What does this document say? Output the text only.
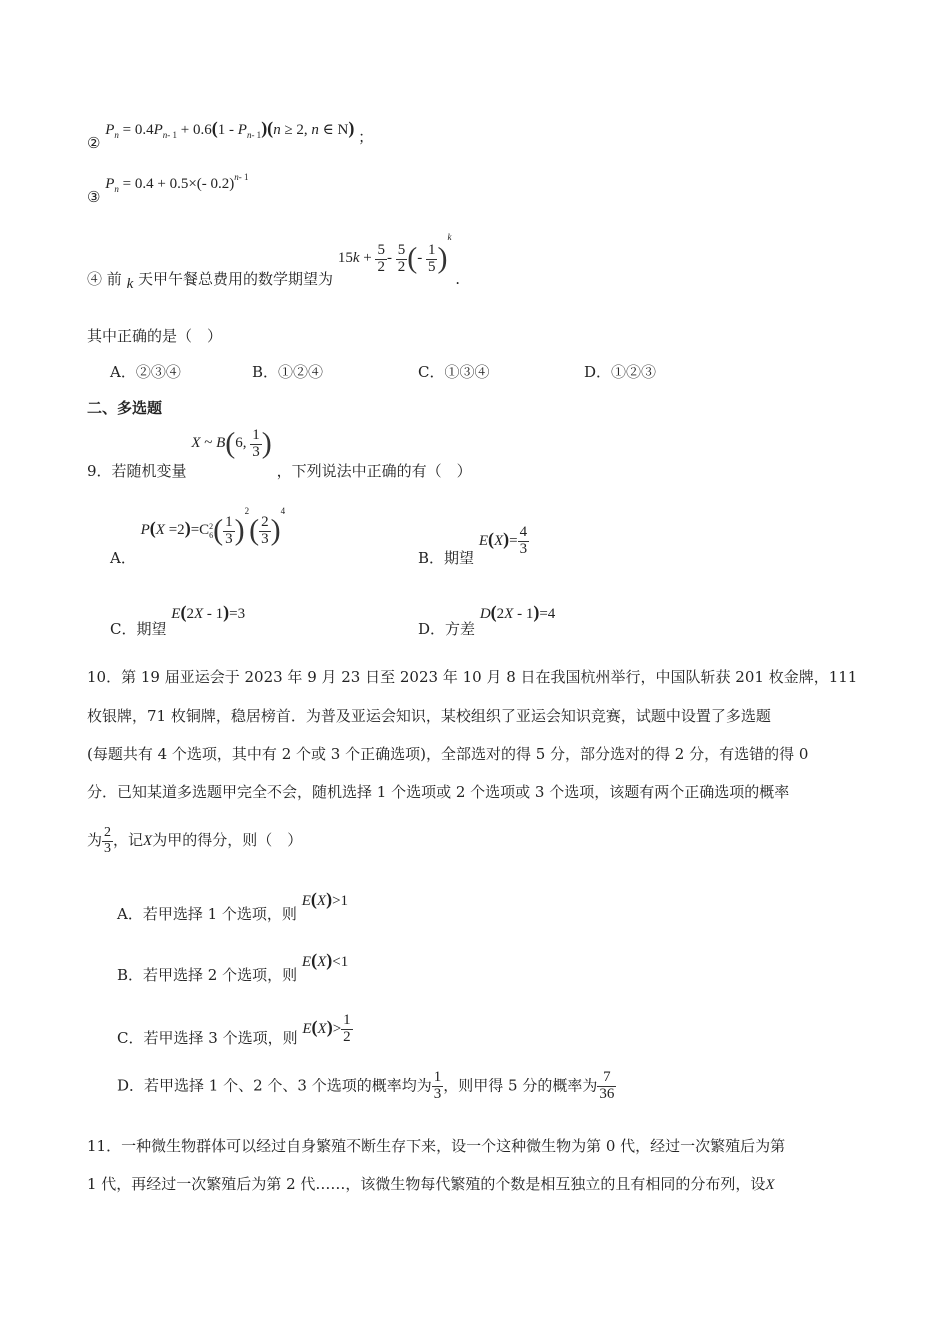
② $P_n = 0.4P_{n- 1} + 0.6(1 - P_{n- 1})(n \ge 2$, n ∈ N) ；
③ $P_n = 0.4 + 0.5\times(-$ 0.2)$^{n- 1}$
④ 前 k 天甲午餐总费用的数学期望为 $15k + \frac{5}{2} - \frac{5}{2}$ (- $\frac{1}{5} )^k$ .
其中正确的是（　）
A．②③④	B．①②④	C．①③④	D．①②③
二、多选题
9．若随机变量 X ~ B(6, $\frac{1}{3}$ ) ，下列说法中正确的有（　）
A． P(X =2)=C 2
6 ( $\frac{1}{3} )^2( \frac{2}{3} )^4$
B．期望 $E(X)= \frac{4}{3}$
C．期望 E(2X - 1)=3
D．方差 D(2X - 1)=4
10．第 19 届亚运会于 2023 年 9 月 23 日至 2023 年 10 月 8 日在我国杭州举行，中国队斩获 201 枚金牌，111
枚银牌，71 枚铜牌，稳居榜首．为普及亚运会知识，某校组织了亚运会知识竞赛，试题中设置了多选题
(每题共有 4 个选项，其中有 2 个或 3 个正确选项)，全部选对的得 5 分，部分选对的得 2 分，有选错的得 0
分．已知某道多选题甲完全不会，随机选择 1 个选项或 2 个选项或 3 个选项，该题有两个正确选项的概率
为 $\frac{2}{3}$ ，记X为甲的得分，则（　）
A．若甲选择 1 个选项，则 E(X)>1
B．若甲选择 2 个选项，则 E(X)<1
C．若甲选择 3 个选项，则 $E(X)> \frac{1}{2}$
D．若甲选择 1 个、2 个、3 个选项的概率均为 $\frac{1}{3}$ ，则甲得 5 分的概率为 $\frac{7}{36}$
11．一种微生物群体可以经过自身繁殖不断生存下来，设一个这种微生物为第 0 代，经过一次繁殖后为第
1 代，再经过一次繁殖后为第 2 代……，该微生物每代繁殖的个数是相互独立的且有相同的分布列，设X
